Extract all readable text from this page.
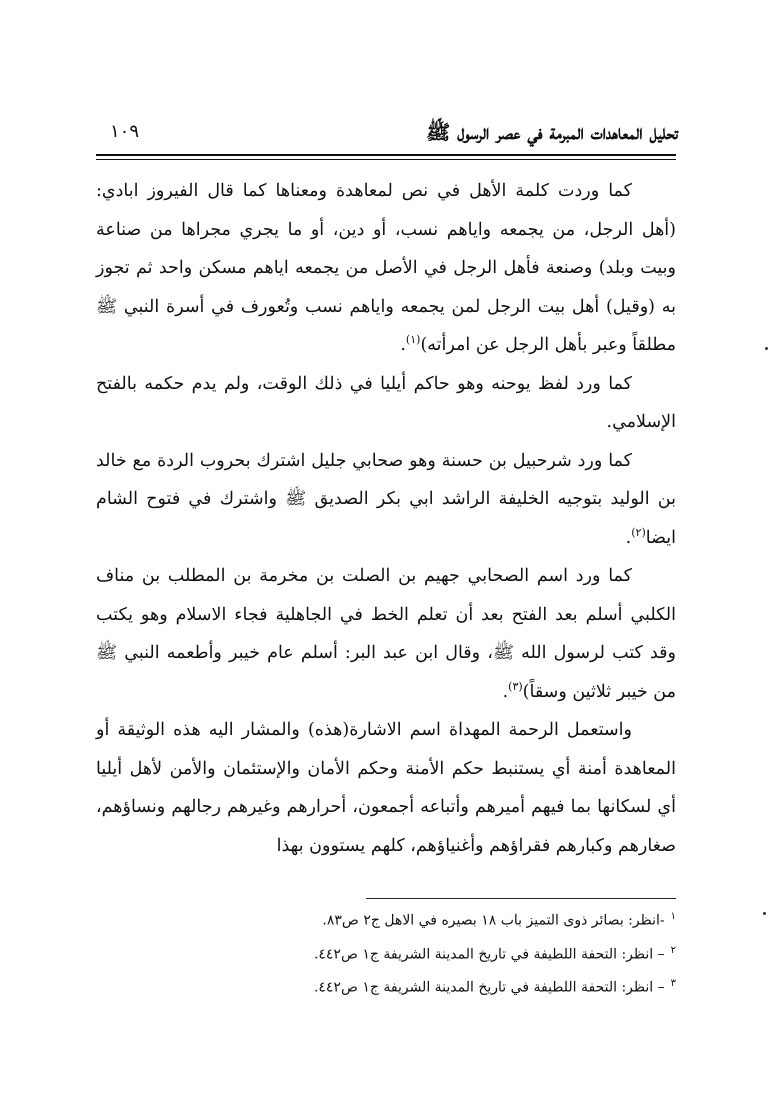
تحليل المعاهدات المبرمة في عصر الرسول ﷺ
١٠٩

كما وردت كلمة الأهل في نص لمعاهدة ومعناها كما قال الفيروز ابادي: (أهل الرجل، من يجمعه واياهم نسب، أو دين، أو ما يجري مجراها من صناعة وبيت وبلد) وصنعة فأهل الرجل في الأصل من يجمعه اياهم مسكن واحد ثم تجوز به (وقيل) أهل بيت الرجل لمن يجمعه واياهم نسب وتُعورف في أسرة النبي ﷺ مطلقاً وعبر بأهل الرجل عن امرأته)$^{(١)}$.

كما ورد لفظ يوحنه وهو حاكم أيليا في ذلك الوقت، ولم يدم حكمه بالفتح الإسلامي.

كما ورد شرحبيل بن حسنة وهو صحابي جليل اشترك بحروب الردة مع خالد بن الوليد بتوجيه الخليفة الراشد ابي بكر الصديق ﷺ واشترك في فتوح الشام ايضا$^{(٢)}$.

كما ورد اسم الصحابي جهيم بن الصلت بن مخرمة بن المطلب بن مناف الكلبي أسلم بعد الفتح بعد أن تعلم الخط في الجاهلية فجاء الاسلام وهو يكتب وقد كتب لرسول الله ﷺ، وقال ابن عبد البر: أسلم عام خيبر وأطعمه النبي ﷺ من خيبر ثلاثين وسقاً)$^{(٣)}$.

واستعمل الرحمة المهداة اسم الاشارة(هذه) والمشار اليه هذه الوثيقة أو المعاهدة أمنة أي يستنبط حكم الأمنة وحكم الأمان والإستئمان والأمن لأهل أيليا أي لسكانها بما فيهم أميرهم وأتباعه أجمعون، أحرارهم وغيرهم رجالهم ونساؤهم، صغارهم وكبارهم فقراؤهم وأغنياؤهم، كلهم يستوون بهذا

$^١$-انظر: بصائر ذوى التميز باب ١٨ بصيره في الاهل ج٢ ص٨٣.
$^٢$– انظر: التحفة اللطيفة في تاريخ المدينة الشريفة ج١ ص٤٤٢.
$^٣$– انظر: التحفة اللطيفة في تاريخ المدينة الشريفة ج١ ص٤٤٢.
